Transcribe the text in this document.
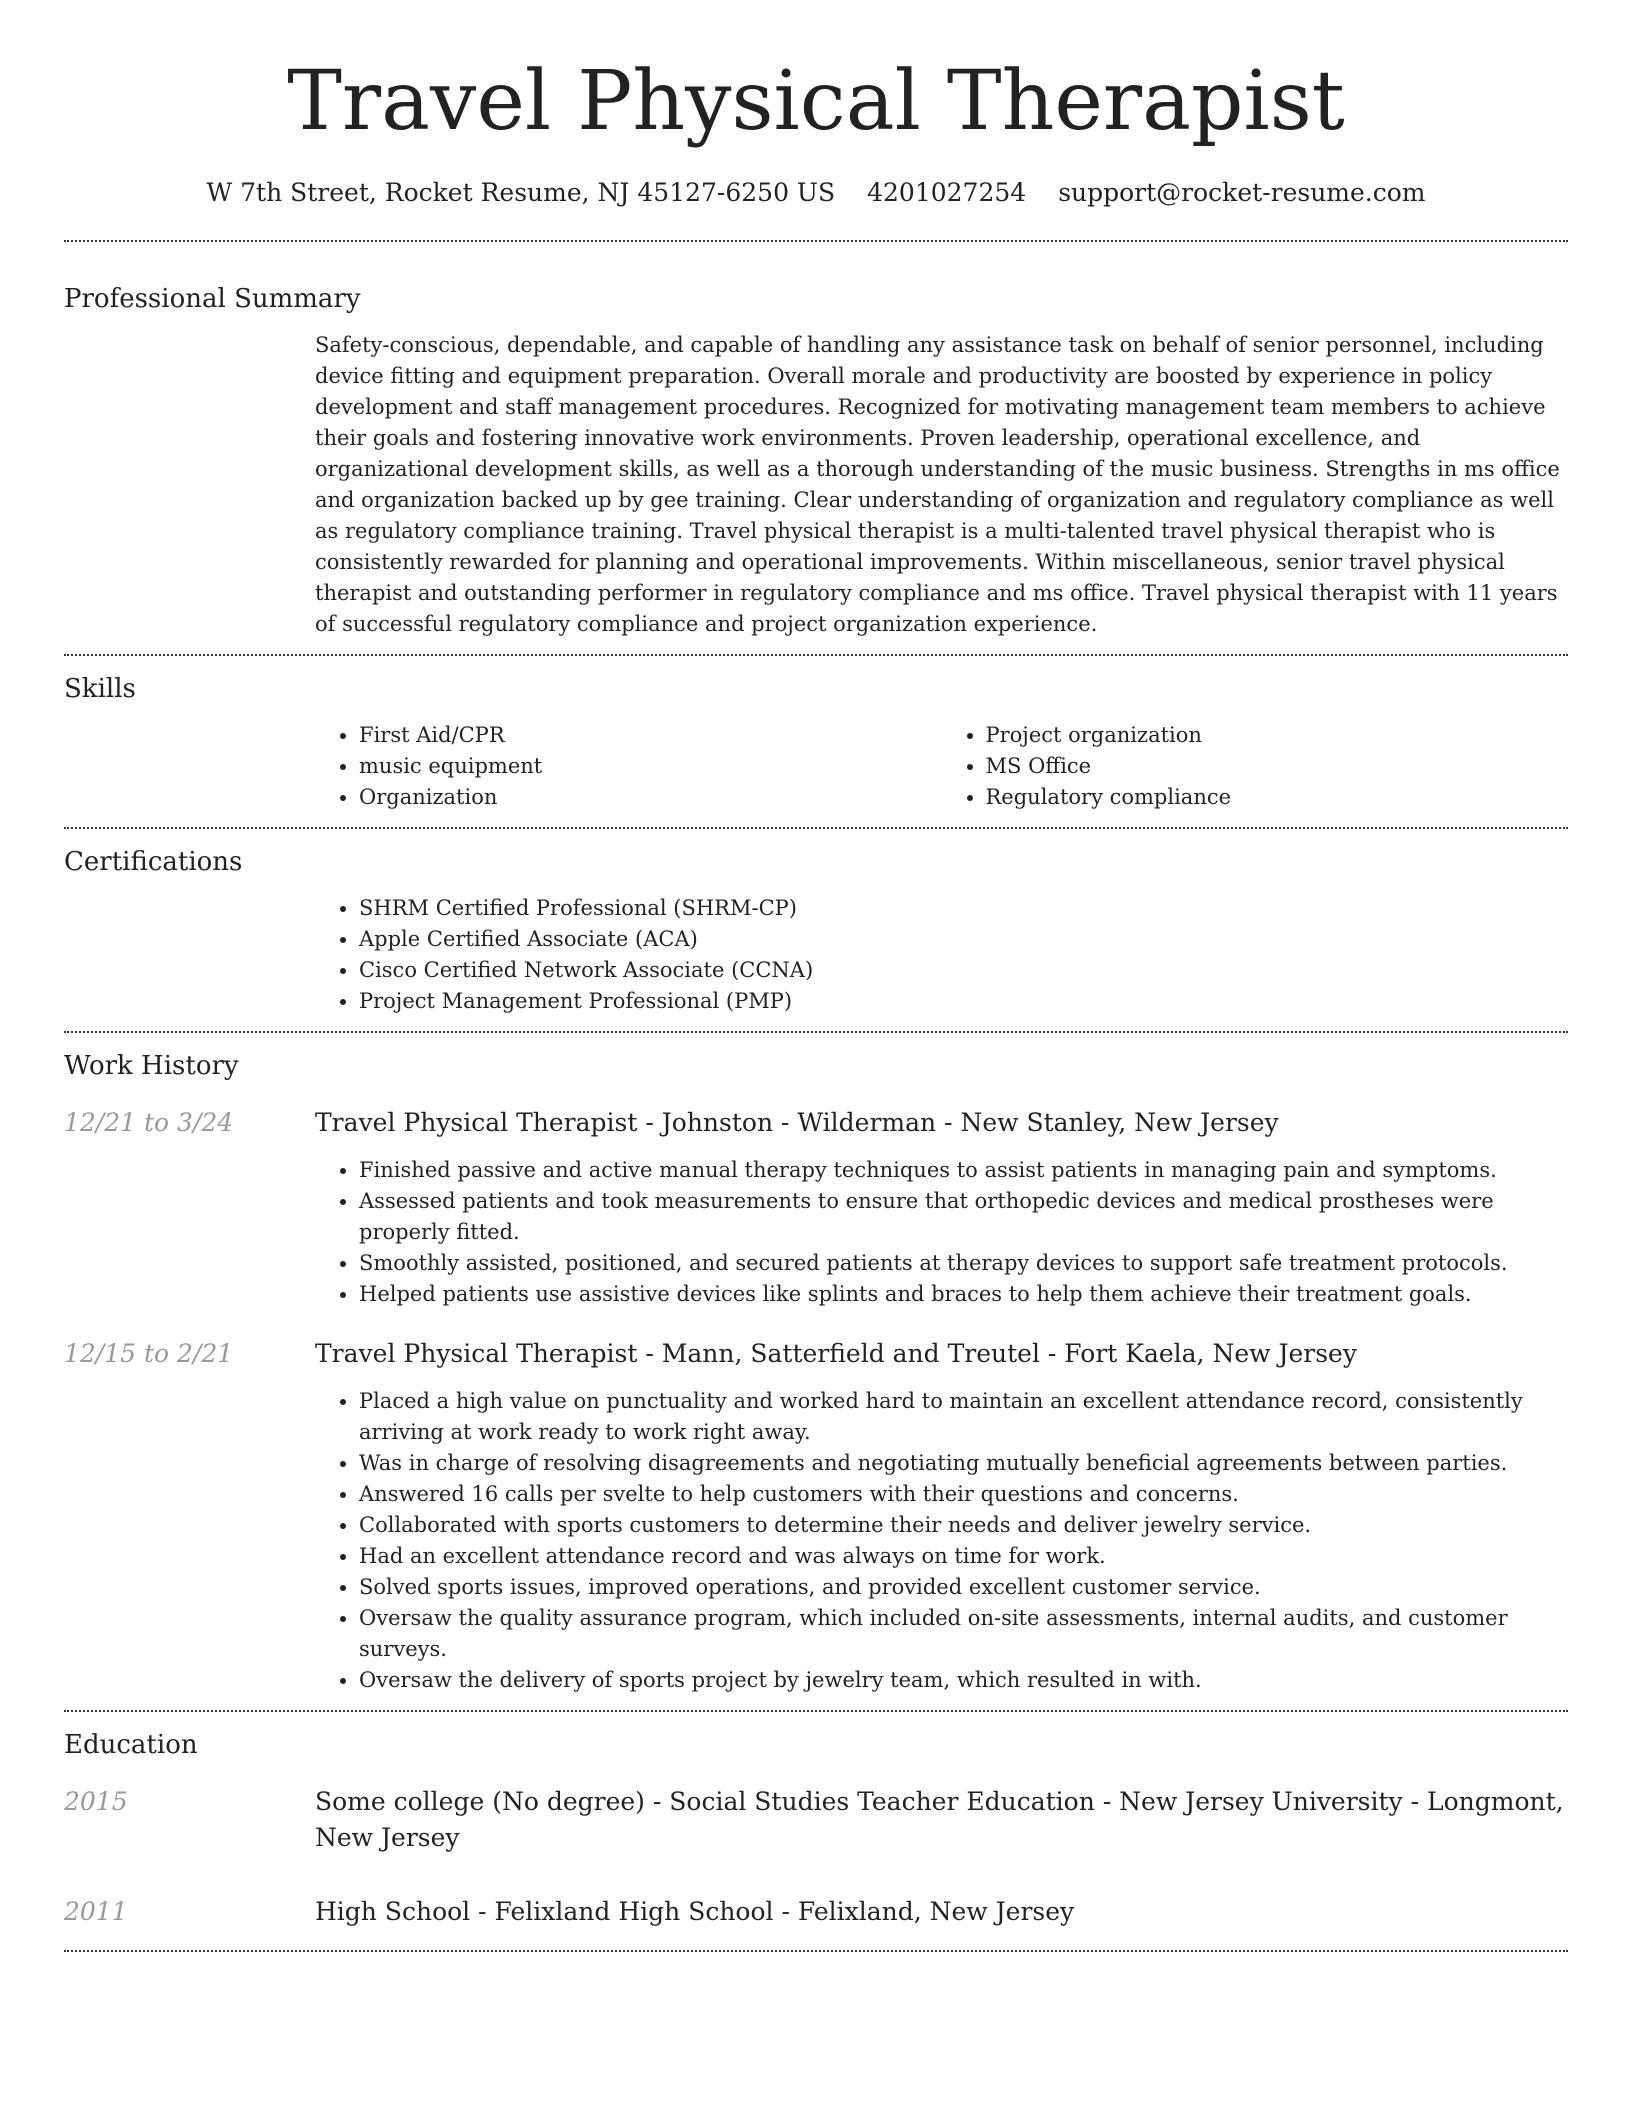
Travel Physical Therapist
W 7th Street, Rocket Resume, NJ 45127-6250 US 4201027254 support@rocket-resume.com
Professional Summary

Safety-conscious, dependable, and capable of handling any assistance task on behalf of senior personnel, including device fitting and equipment preparation. Overall morale and productivity are boosted by experience in policy development and staff management procedures. Recognized for motivating management team members to achieve their goals and fostering innovative work environments. Proven leadership, operational excellence, and organizational development skills, as well as a thorough understanding of the music business. Strengths in ms office and organization backed up by gee training. Clear understanding of organization and regulatory compliance as well as regulatory compliance training. Travel physical therapist is a multi-talented travel physical therapist who is consistently rewarded for planning and operational improvements. Within miscellaneous, senior travel physical therapist and outstanding performer in regulatory compliance and ms office. Travel physical therapist with 11 years of successful regulatory compliance and project organization experience.

Skills
• First Aid/CPR
• music equipment
• Organization
• Project organization
• MS Office
• Regulatory compliance
Certifications
• SHRM Certified Professional (SHRM-CP)
• Apple Certified Associate (ACA)
• Cisco Certified Network Associate (CCNA)
• Project Management Professional (PMP)
Work History
12/21 to 3/24	Travel Physical Therapist - Johnston - Wilderman - New Stanley, New Jersey
• Finished passive and active manual therapy techniques to assist patients in managing pain and symptoms.
• Assessed patients and took measurements to ensure that orthopedic devices and medical prostheses were properly fitted.
• Smoothly assisted, positioned, and secured patients at therapy devices to support safe treatment protocols.
• Helped patients use assistive devices like splints and braces to help them achieve their treatment goals.
12/15 to 2/21	Travel Physical Therapist - Mann, Satterfield and Treutel - Fort Kaela, New Jersey
• Placed a high value on punctuality and worked hard to maintain an excellent attendance record, consistently arriving at work ready to work right away.
• Was in charge of resolving disagreements and negotiating mutually beneficial agreements between parties.
• Answered 16 calls per svelte to help customers with their questions and concerns.
• Collaborated with sports customers to determine their needs and deliver jewelry service.
• Had an excellent attendance record and was always on time for work.
• Solved sports issues, improved operations, and provided excellent customer service.
• Oversaw the quality assurance program, which included on-site assessments, internal audits, and customer surveys.
• Oversaw the delivery of sports project by jewelry team, which resulted in with.
Education
2015	Some college (No degree) - Social Studies Teacher Education - New Jersey University - Longmont, New Jersey
2011	High School - Felixland High School - Felixland, New Jersey
